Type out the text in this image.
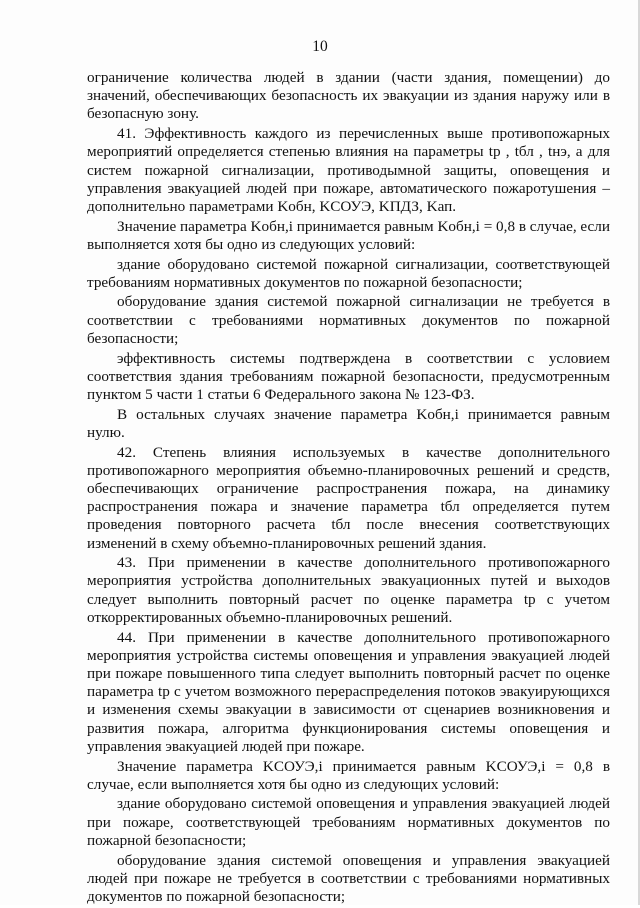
10

ограничение количества людей в здании (части здания, помещении) до значений, обеспечивающих безопасность их эвакуации из здания наружу или в безопасную зону.

41. Эффективность каждого из перечисленных выше противопожарных мероприятий определяется степенью влияния на параметры tр , tбл , tнэ, а для систем пожарной сигнализации, противодымной защиты, оповещения и управления эвакуацией людей при пожаре, автоматического пожаротушения – дополнительно параметрами Kобн, KСОУЭ, KПДЗ, Kап.

Значение параметра Kобн,i принимается равным Kобн,i = 0,8 в случае, если выполняется хотя бы одно из следующих условий:

здание оборудовано системой пожарной сигнализации, соответствующей требованиям нормативных документов по пожарной безопасности;

оборудование здания системой пожарной сигнализации не требуется в соответствии с требованиями нормативных документов по пожарной безопасности;

эффективность системы подтверждена в соответствии с условием соответствия здания требованиям пожарной безопасности, предусмотренным пунктом 5 части 1 статьи 6 Федерального закона № 123-ФЗ.

В остальных случаях значение параметра Kобн,i принимается равным нулю.

42. Степень влияния используемых в качестве дополнительного противопожарного мероприятия объемно-планировочных решений и средств, обеспечивающих ограничение распространения пожара, на динамику распространения пожара и значение параметра tбл определяется путем проведения повторного расчета tбл после внесения соответствующих изменений в схему объемно-планировочных решений здания.

43. При применении в качестве дополнительного противопожарного мероприятия устройства дополнительных эвакуационных путей и выходов следует выполнить повторный расчет по оценке параметра tр с учетом откорректированных объемно-планировочных решений.

44. При применении в качестве дополнительного противопожарного мероприятия устройства системы оповещения и управления эвакуацией людей при пожаре повышенного типа следует выполнить повторный расчет по оценке параметра tр с учетом возможного перераспределения потоков эвакуирующихся и изменения схемы эвакуации в зависимости от сценариев возникновения и развития пожара, алгоритма функционирования системы оповещения и управления эвакуацией людей при пожаре.

Значение параметра KСОУЭ,i принимается равным KСОУЭ,i = 0,8 в случае, если выполняется хотя бы одно из следующих условий:

здание оборудовано системой оповещения и управления эвакуацией людей при пожаре, соответствующей требованиям нормативных документов по пожарной безопасности;

оборудование здания системой оповещения и управления эвакуацией людей при пожаре не требуется в соответствии с требованиями нормативных документов по пожарной безопасности;
